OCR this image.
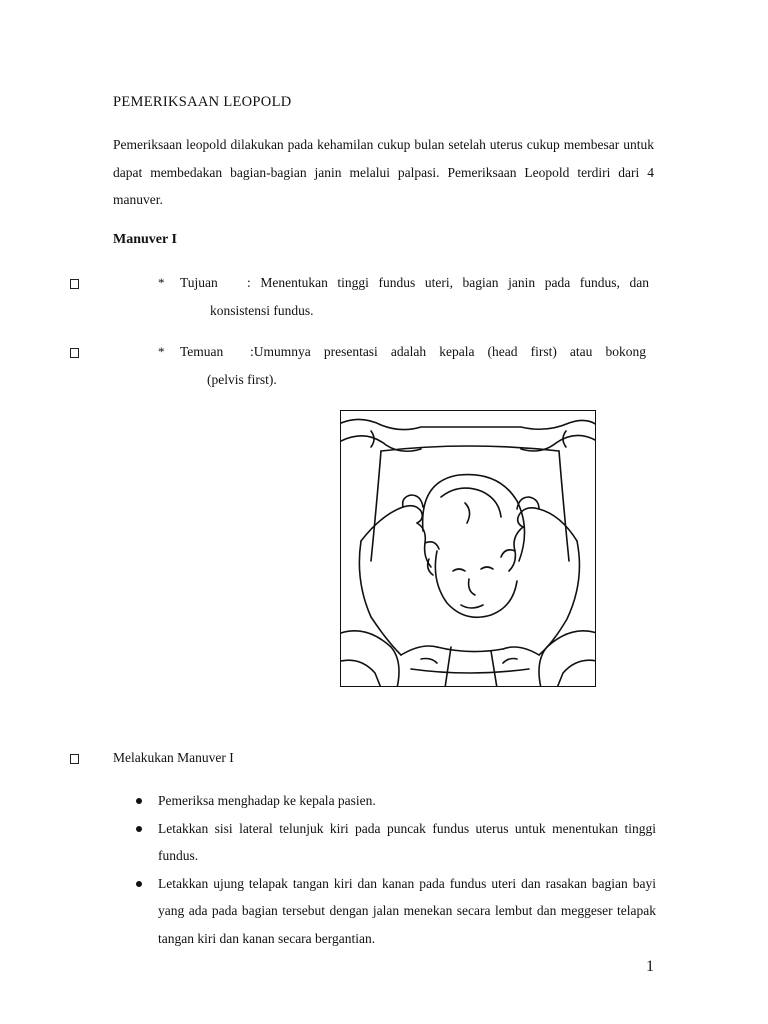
PEMERIKSAAN LEOPOLD
Pemeriksaan leopold dilakukan pada kehamilan cukup bulan setelah uterus cukup membesar untuk dapat membedakan bagian-bagian janin melalui palpasi. Pemeriksaan Leopold terdiri dari 4 manuver.
Manuver I
* Tujuan : Menentukan tinggi fundus uteri, bagian janin pada fundus, dan
konsistensi fundus.
* Temuan :Umumnya presentasi adalah kepala (head first) atau bokong
(pelvis first).
Melakukan Manuver I
Pemeriksa menghadap ke kepala pasien.
Letakkan sisi lateral telunjuk kiri pada puncak fundus uterus untuk menentukan tinggi fundus.
Letakkan ujung telapak tangan kiri dan kanan pada fundus uteri dan rasakan bagian bayi yang ada pada bagian tersebut dengan jalan menekan secara lembut dan meggeser telapak tangan kiri dan kanan secara bergantian.
1
